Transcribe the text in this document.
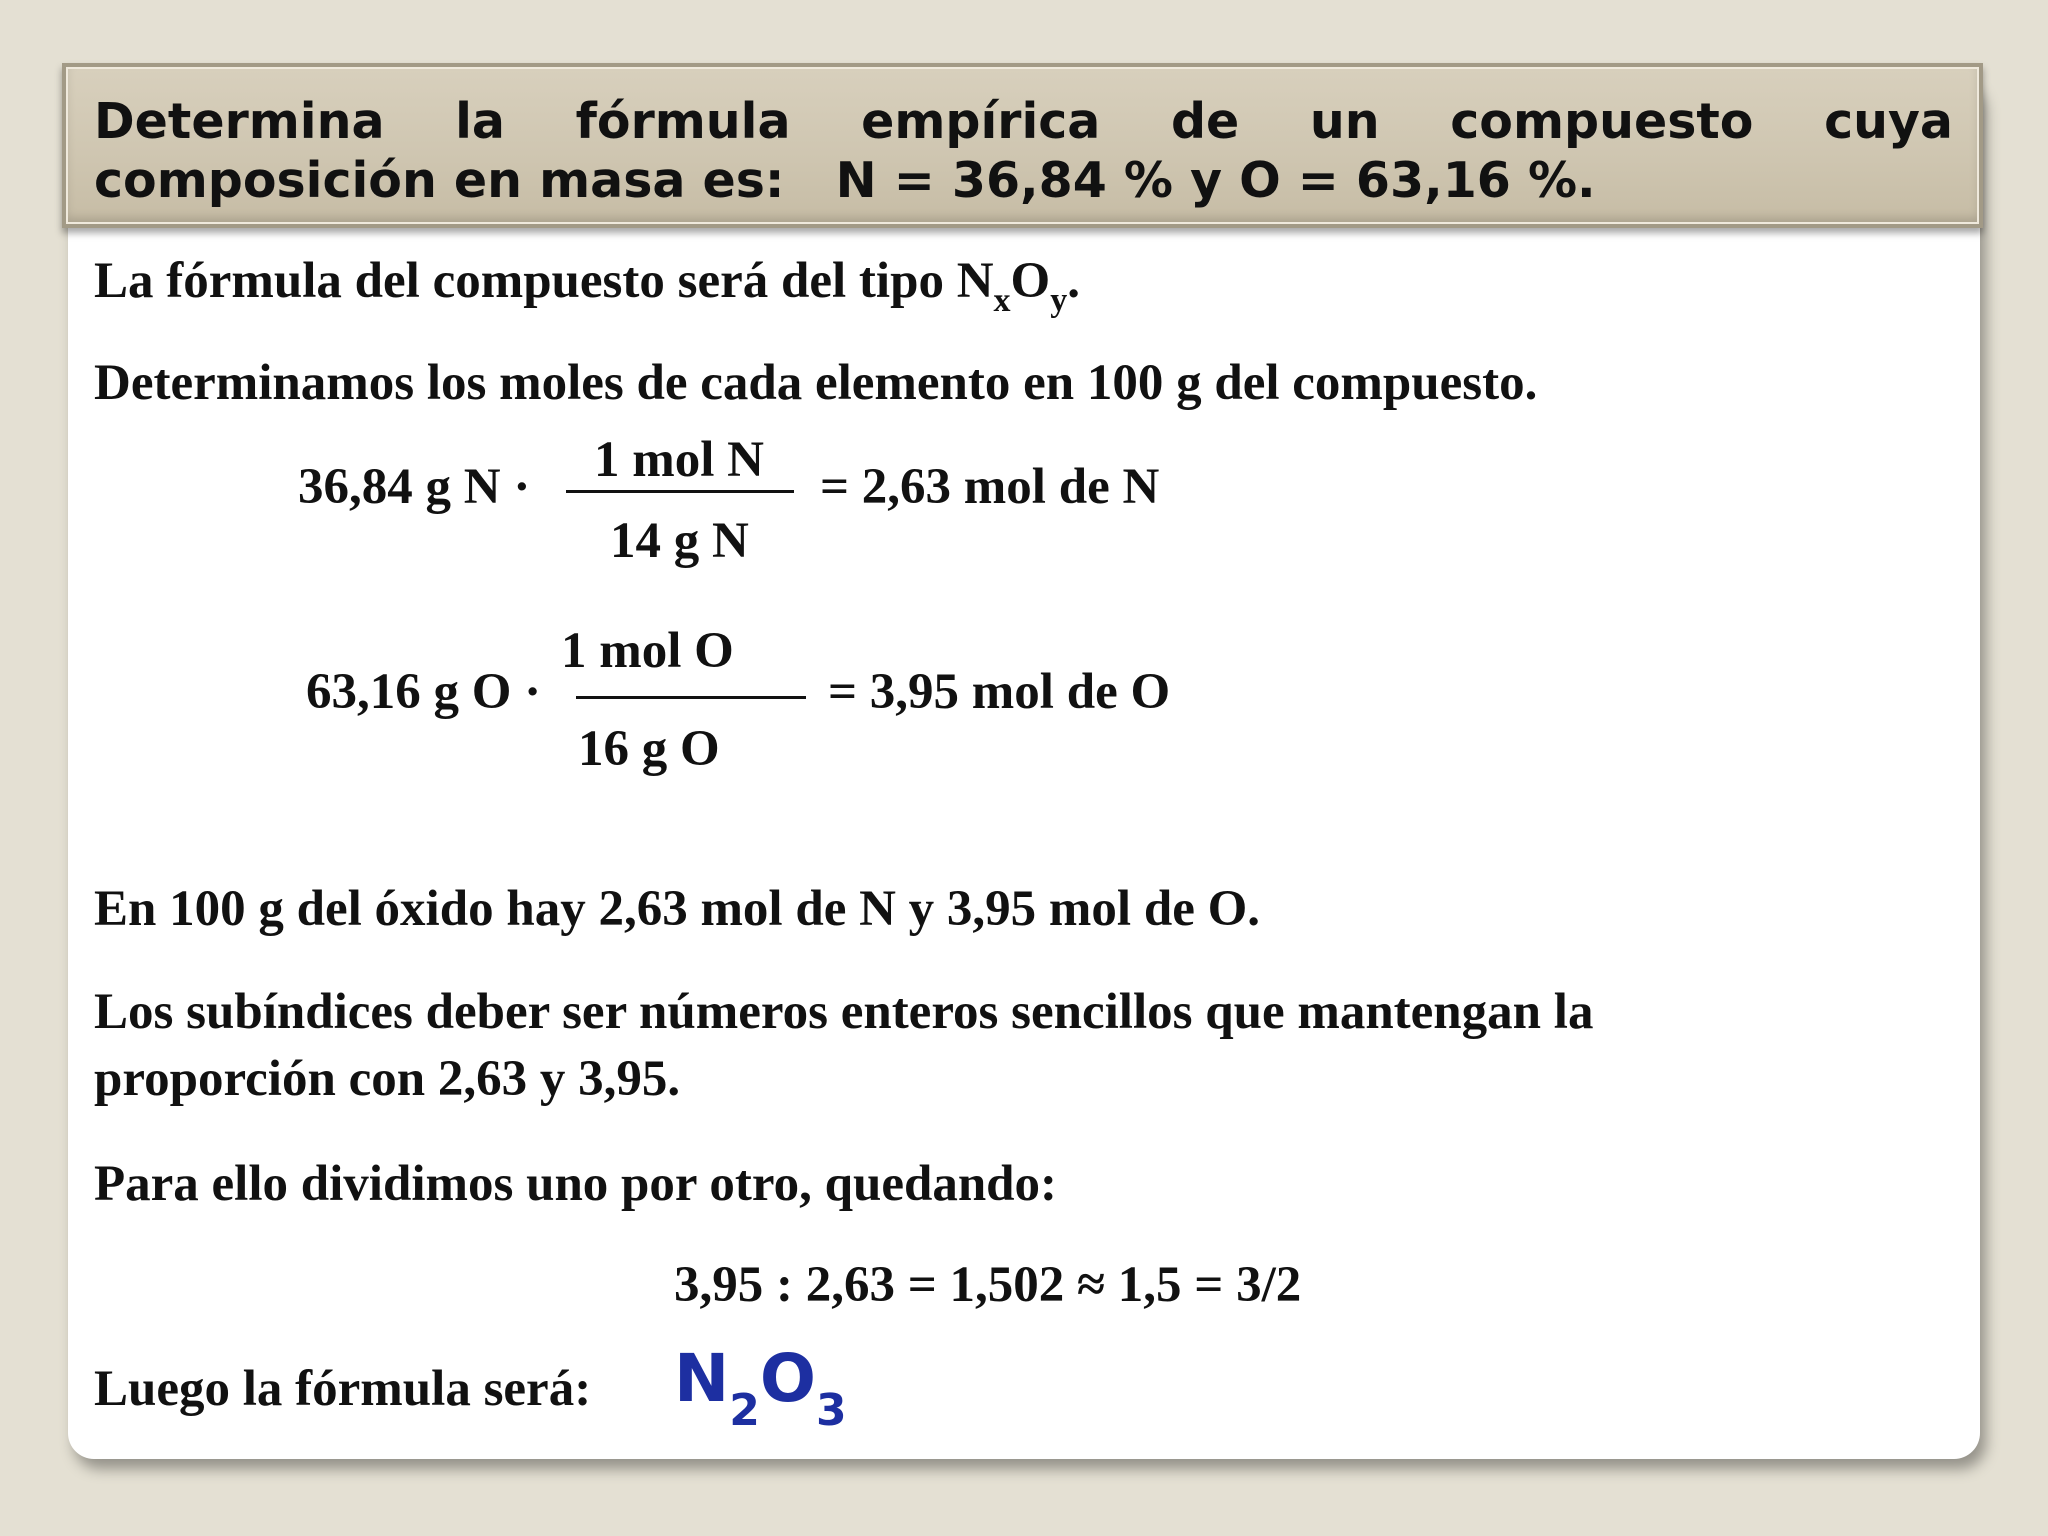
Determina la fórmula empírica de un compuesto cuya
composición en masa es:   N = 36,84 % y O = 63,16 %.
La fórmula del compuesto será del tipo $N_xO_y$.
Determinamos los moles de cada elemento en 100 g del compuesto.
36,84 g N · 1 mol N
14 g N
= 2,63 mol de N
63,16 g O ·
1 mol O
16 g O
= 3,95 mol de O
En 100 g del óxido hay 2,63 mol de N y 3,95 mol de O.
Los subíndices deber ser números enteros sencillos que mantengan la
proporción con 2,63 y 3,95.
Para ello dividimos uno por otro, quedando:
3,95 : 2,63 = 1,502 ≈ 1,5 = 3/2
Luego la fórmula será: $N_2O_3$
